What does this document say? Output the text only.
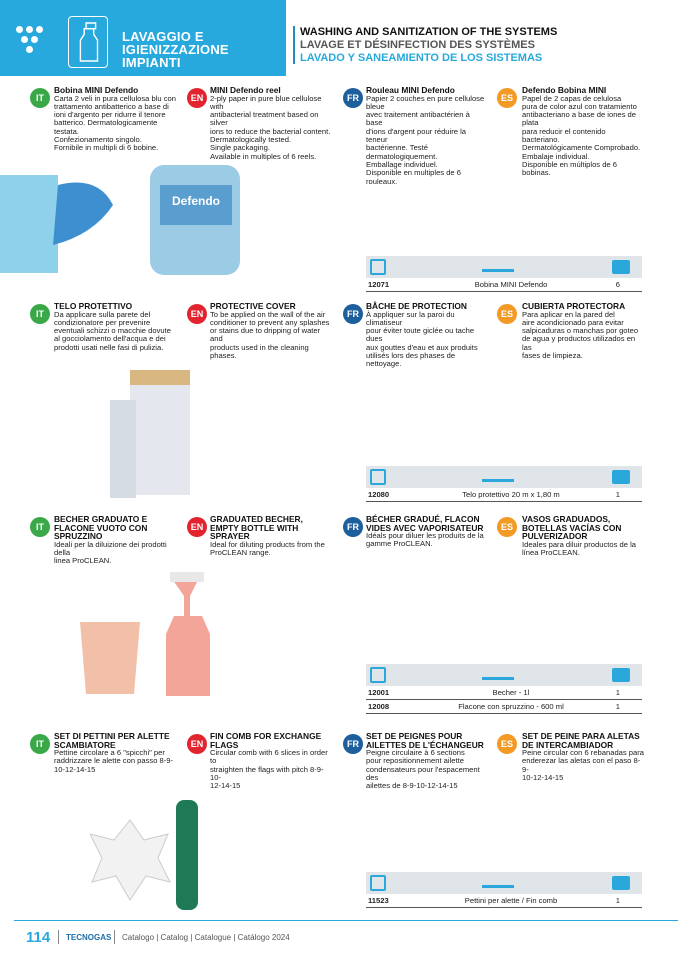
LAVAGGIO E
IGIENIZZAZIONE IMPIANTI
WASHING AND SANITIZATION OF THE SYSTEMS
LAVAGE ET DÉSINFECTION DES SYSTÈMES
LAVADO Y SANEAMIENTO DE LOS SISTEMAS
IT
Bobina MINI Defendo
Carta 2 veli in pura cellulosa blu con
trattamento antibatterico a base di
ioni d'argento per ridurre il tenore
batterico. Dermatologicamente testata.
Confezionamento singolo.
Fornibile in multipli di 6 bobine.
EN
MINI Defendo reel
2-ply paper in pure blue cellulose with
antibacterial treatment based on silver
ions to reduce the bacterial content.
Dermatologically tested.
Single packaging.
Available in multiples of 6 reels.
FR
Rouleau MINI Defendo
Papier 2 couches en pure cellulose bleue
avec traitement antibactérien à base
d'ions d'argent pour réduire la teneur
bactérienne. Testé dermatologiquement.
Emballage individuel.
Disponible en multiples de 6 rouleaux.
ES
Defendo Bobina MINI
Papel de 2 capas de celulosa
pura de color azul con tratamiento
antibacteriano a base de iones de plata
para reducir el contenido bacteriano.
Dermatológicamente Comprobado.
Embalaje individual.
Disponible en múltiplos de 6 bobinas.
IT
TELO PROTETTIVO
Da applicare sulla parete del
condizionatore per prevenire
eventuali schizzi o macchie dovute
al gocciolamento dell'acqua e dei
prodotti usati nelle fasi di pulizia.
EN
PROTECTIVE COVER
To be applied on the wall of the air
conditioner to prevent any splashes
or stains due to dripping of water and
products used in the cleaning phases.
FR
BÂCHE DE PROTECTION
À appliquer sur la paroi du climatiseur
pour éviter toute giclée ou tache dues
aux gouttes d'eau et aux produits
utilisés lors des phases de nettoyage.
ES
CUBIERTA PROTECTORA
Para aplicar en la pared del
aire acondicionado para evitar
salpicaduras o manchas por goteo
de agua y productos utilizados en las
fases de limpieza.
IT
BECHER GRADUATO E FLACONE VUOTO CON SPRUZZINO
Ideali per la diluizione dei prodotti della
linea ProCLEAN.
EN
GRADUATED BECHER, EMPTY BOTTLE WITH SPRAYER
Ideal for diluting products from the
ProCLEAN range.
FR
BÉCHER GRADUÉ, FLACON VIDES AVEC VAPORISATEUR
Idéals pour diluer les produits de la
gamme ProCLEAN.
ES
VASOS GRADUADOS, BOTELLAS VACÍAS CON PULVERIZADOR
Ideales para diluir productos de la
línea ProCLEAN.
IT
SET DI PETTINI PER ALETTE SCAMBIATORE
Pettine circolare a 6 "spicchi" per
raddrizzare le alette con passo 8-9-
10-12-14-15
EN
FIN COMB FOR EXCHANGE FLAGS
Circular comb with 6 slices in order to
straighten the flags with pitch 8-9-10-
12-14-15
FR
SET DE PEIGNES POUR AILETTES DE L'ÉCHANGEUR
Peigne circulaire à 6 sections
pour repositionnement ailette
condensateurs pour l'espacement des
ailettes de 8-9-10-12-14-15
ES
SET DE PEINE PARA ALETAS DE INTERCAMBIADOR
Peine circular con 6 rebanadas para
enderezar las aletas con el paso 8-9-
10-12-14-15
114 TECNOGAS Catalogo | Catalog | Catalogue | Catálogo 2024
12071	Bobina MINI Defendo	6
12080	Telo protettivo 20 m x 1,80 m	1
12001	Becher - 1l	1
12008	Flacone con spruzzino - 600 ml	1
11523	Pettini per alette / Fin comb	1
Defendo
